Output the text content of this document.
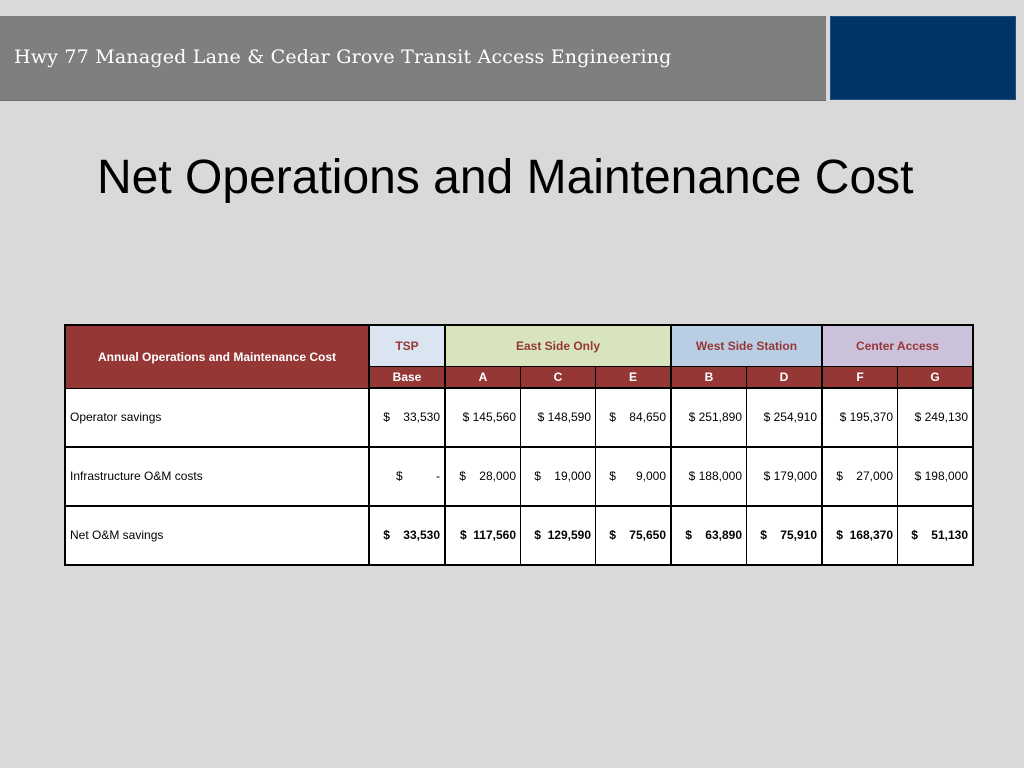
Hwy 77 Managed Lane & Cedar Grove Transit Access Engineering
Net Operations and Maintenance Cost
Annual Operations and Maintenance Cost	TSP	East Side Only			West Side Station		Center Access	
	Base	A	C	E	B	D	F	G
Operator savings	$    33,530	$ 145,560	$ 148,590	$    84,650	$ 251,890	$ 254,910	$ 195,370	$ 249,130
Infrastructure O&M costs	$          -	$    28,000	$    19,000	$      9,000	$ 188,000	$ 179,000	$    27,000	$ 198,000
Net O&M savings	$    33,530	$  117,560	$  129,590	$    75,650	$    63,890	$    75,910	$  168,370	$    51,130
